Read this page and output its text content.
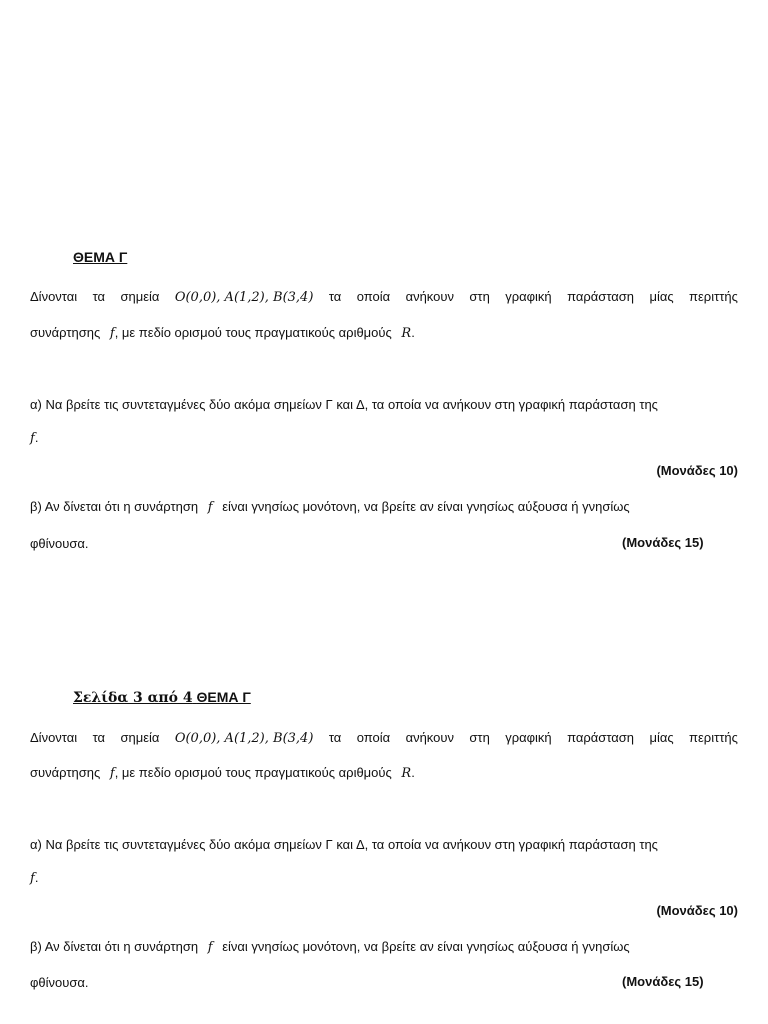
ΘΕΜΑ Γ
Δίνονται τα σημεία O(0,0), A(1,2), B(3,4) τα οποία ανήκουν στη γραφική παράσταση μίας περιττής
συνάρτησης f, με πεδίο ορισμού τους πραγματικούς αριθμούς R.
α) Να βρείτε τις συντεταγμένες δύο ακόμα σημείων Γ και Δ, τα οποία να ανήκουν στη γραφική παράσταση της
f.
(Μονάδες 10)
β) Αν δίνεται ότι η συνάρτηση f είναι γνησίως μονότονη, να βρείτε αν είναι γνησίως αύξουσα ή γνησίως
φθίνουσα.	(Μονάδες 15)
Σελίδα 3 από 4 ΘΕΜΑ Γ
Δίνονται τα σημεία O(0,0), A(1,2), B(3,4) τα οποία ανήκουν στη γραφική παράσταση μίας περιττής
συνάρτησης f, με πεδίο ορισμού τους πραγματικούς αριθμούς R.
α) Να βρείτε τις συντεταγμένες δύο ακόμα σημείων Γ και Δ, τα οποία να ανήκουν στη γραφική παράσταση της
f.
(Μονάδες 10)
β) Αν δίνεται ότι η συνάρτηση f είναι γνησίως μονότονη, να βρείτε αν είναι γνησίως αύξουσα ή γνησίως
φθίνουσα.	(Μονάδες 15)
